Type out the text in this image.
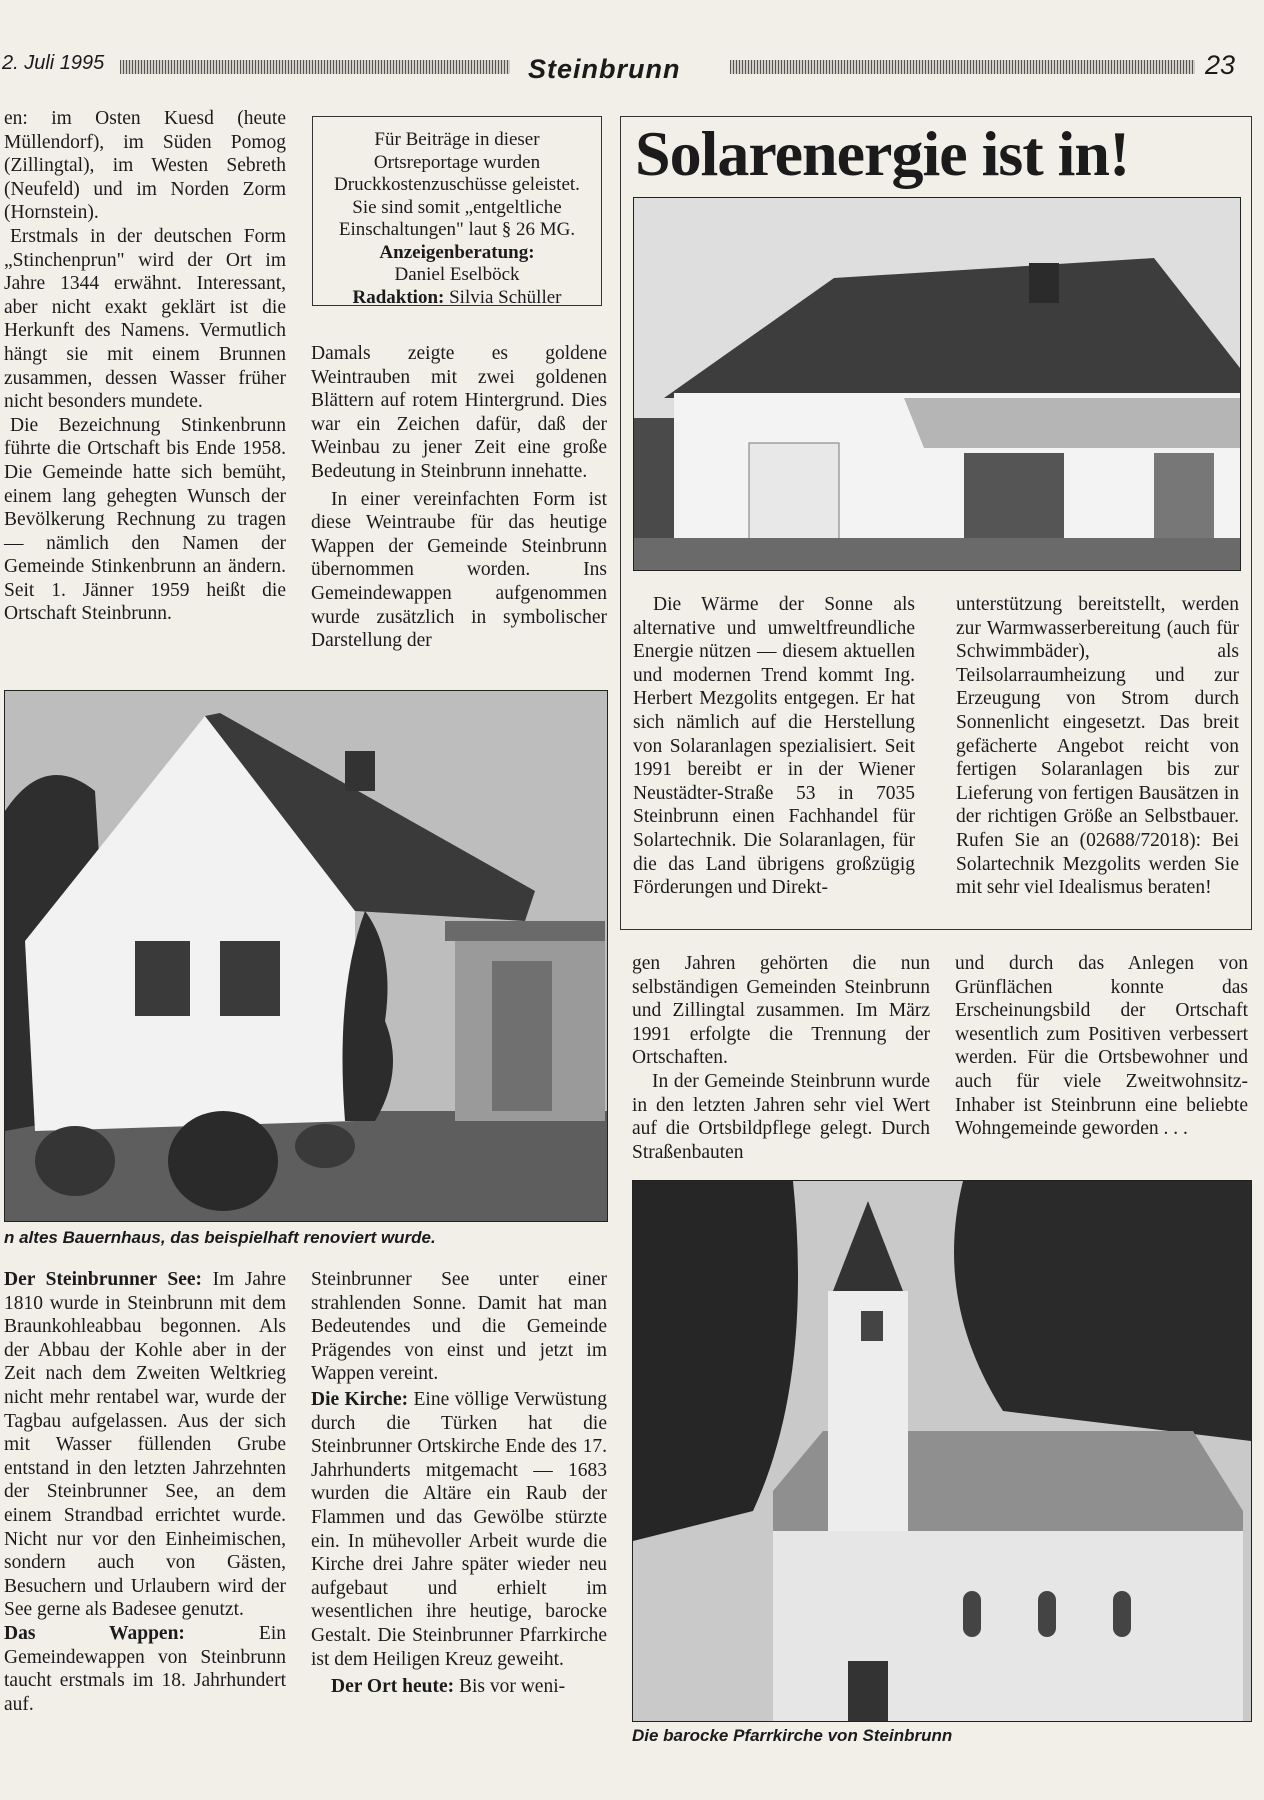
2. Juli 1995	Steinbrunn	23

en: im Osten Kuesd (heute Müllendorf), im Süden Pomog (Zillingtal), im Westen Sebreth (Neufeld) und im Norden Zorm (Hornstein).

Erstmals in der deutschen Form „Stinchenprun" wird der Ort im Jahre 1344 erwähnt. Interessant, aber nicht exakt geklärt ist die Herkunft des Namens. Vermutlich hängt sie mit einem Brunnen zusammen, dessen Wasser früher nicht besonders mundete.

Die Bezeichnung Stinkenbrunn führte die Ortschaft bis Ende 1958. Die Gemeinde hatte sich bemüht, einem lang gehegten Wunsch der Bevölkerung Rechnung zu tragen — nämlich den Namen der Gemeinde Stinkenbrunn an ändern. Seit 1. Jänner 1959 heißt die Ortschaft Steinbrunn.

Für Beiträge in dieser Ortsreportage wurden Druckkostenzuschüsse geleistet. Sie sind somit „entgeltliche Einschaltungen" laut § 26 MG.
Anzeigenberatung:
Daniel Eselböck
Radaktion: Silvia Schüller

Damals zeigte es goldene Weintrauben mit zwei goldenen Blättern auf rotem Hintergrund. Dies war ein Zeichen dafür, daß der Weinbau zu jener Zeit eine große Bedeutung in Steinbrunn innehatte.

In einer vereinfachten Form ist diese Weintraube für das heutige Wappen der Gemeinde Steinbrunn übernommen worden. Ins Gemeindewappen aufgenommen wurde zusätzlich in symbolischer Darstellung der

n altes Bauernhaus, das beispielhaft renoviert wurde.

Der Steinbrunner See: Im Jahre 1810 wurde in Steinbrunn mit dem Braunkohleabbau begonnen. Als der Abbau der Kohle aber in der Zeit nach dem Zweiten Weltkrieg nicht mehr rentabel war, wurde der Tagbau aufgelassen. Aus der sich mit Wasser füllenden Grube entstand in den letzten Jahrzehnten der Steinbrunner See, an dem einem Strandbad errichtet wurde. Nicht nur vor den Einheimischen, sondern auch von Gästen, Besuchern und Urlaubern wird der See gerne als Badesee genutzt.

Das Wappen: Ein Gemeindewappen von Steinbrunn taucht erstmals im 18. Jahrhundert auf.

Steinbrunner See unter einer strahlenden Sonne. Damit hat man Bedeutendes und die Gemeinde Prägendes von einst und jetzt im Wappen vereint.

Die Kirche: Eine völlige Verwüstung durch die Türken hat die Steinbrunner Ortskirche Ende des 17. Jahrhunderts mitgemacht — 1683 wurden die Altäre ein Raub der Flammen und das Gewölbe stürzte ein. In mühevoller Arbeit wurde die Kirche drei Jahre später wieder neu aufgebaut und erhielt im wesentlichen ihre heutige, barocke Gestalt. Die Steinbrunner Pfarrkirche ist dem Heiligen Kreuz geweiht.

Der Ort heute: Bis vor weni-

Solarenergie ist in!
Die Wärme der Sonne als alternative und umweltfreundliche Energie nützen — diesem aktuellen und modernen Trend kommt Ing. Herbert Mezgolits entgegen. Er hat sich nämlich auf die Herstellung von Solaranlagen spezialisiert. Seit 1991 bereibt er in der Wiener Neustädter-Straße 53 in 7035 Steinbrunn einen Fachhandel für Solartechnik. Die Solaranlagen, für die das Land übrigens großzügig Förderungen und Direkt-
unterstützung bereitstellt, werden zur Warmwasserbereitung (auch für Schwimmbäder), als Teilsolarraumheizung und zur Erzeugung von Strom durch Sonnenlicht eingesetzt. Das breit gefächerte Angebot reicht von fertigen Solaranlagen bis zur Lieferung von fertigen Bausätzen in der richtigen Größe an Selbstbauer. Rufen Sie an (02688/72018): Bei Solartechnik Mezgolits werden Sie mit sehr viel Idealismus beraten!

gen Jahren gehörten die nun selbständigen Gemeinden Steinbrunn und Zillingtal zusammen. Im März 1991 erfolgte die Trennung der Ortschaften.

In der Gemeinde Steinbrunn wurde in den letzten Jahren sehr viel Wert auf die Ortsbildpflege gelegt. Durch Straßenbauten

und durch das Anlegen von Grünflächen konnte das Erscheinungsbild der Ortschaft wesentlich zum Positiven verbessert werden. Für die Ortsbewohner und auch für viele Zweitwohnsitz-Inhaber ist Steinbrunn eine beliebte Wohngemeinde geworden . . .
Die barocke Pfarrkirche von Steinbrunn
